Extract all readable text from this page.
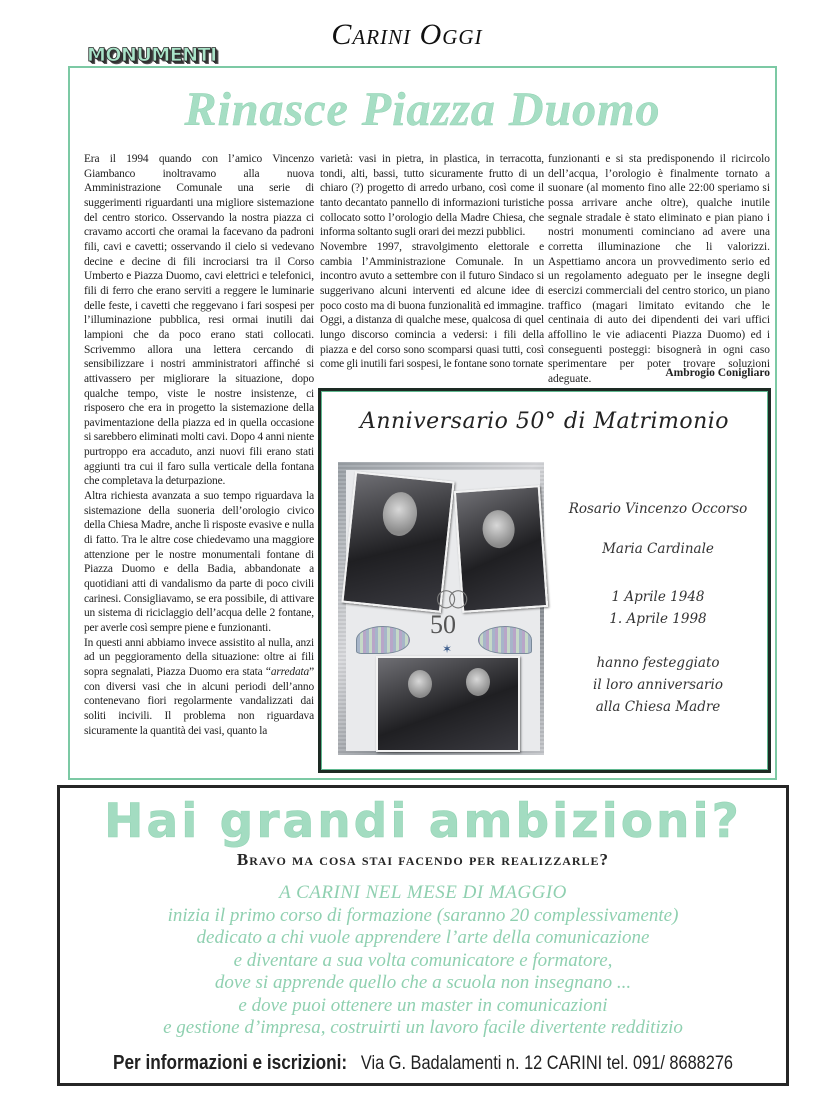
Carini Oggi
MONUMENTI
Rinasce Piazza Duomo

Era il 1994 quando con l’amico Vincenzo Giambanco inoltravamo alla nuova Amministrazione Comunale una serie di suggerimenti riguardanti una migliore sistemazione del centro storico. Osservando la nostra piazza ci cravamo accorti che oramai la facevano da padroni fili, cavi e cavetti; osservando il cielo si vedevano decine e decine di fili incrociarsi tra il Corso Umberto e Piazza Duomo, cavi elettrici e telefonici, fili di ferro che erano serviti a reggere le luminarie delle feste, i cavetti che reggevano i fari sospesi per l’illuminazione pubblica, resi ormai inutili dai lampioni che da poco erano stati collocati. Scrivemmo allora una lettera cercando di sensibilizzare i nostri amministratori affinché si attivassero per migliorare la situazione, dopo qualche tempo, viste le nostre insistenze, ci risposero che era in progetto la sistemazione della pavimentazione della piazza ed in quella occasione si sarebbero eliminati molti cavi. Dopo 4 anni niente purtroppo era accaduto, anzi nuovi fili erano stati aggiunti tra cui il faro sulla verticale della fontana che completava la deturpazione.

Altra richiesta avanzata a suo tempo riguardava la sistemazione della suoneria dell’orologio civico della Chiesa Madre, anche lì risposte evasive e nulla di fatto. Tra le altre cose chiedevamo una maggiore attenzione per le nostre monumentali fontane di Piazza Duomo e della Badia, abbandonate a quotidiani atti di vandalismo da parte di poco civili carinesi. Consigliavamo, se era possibile, di attivare un sistema di riciclaggio dell’acqua delle 2 fontane, per averle così sempre piene e funzionanti.

In questi anni abbiamo invece assistito al nulla, anzi ad un peggioramento della situazione: oltre ai fili sopra segnalati, Piazza Duomo era stata “arredata” con diversi vasi che in alcuni periodi dell’anno contenevano fiori regolarmente vandalizzati dai soliti incivili. Il problema non riguardava sicuramente la quantità dei vasi, quanto la

varietà: vasi in pietra, in plastica, in terracotta, tondi, alti, bassi, tutto sicuramente frutto di un chiaro (?) progetto di arredo urbano, così come il tanto decantato pannello di informazioni turistiche collocato sotto l’orologio della Madre Chiesa, che informa soltanto sugli orari dei mezzi pubblici.

Novembre 1997, stravolgimento elettorale e cambia l’Amministrazione Comunale. In un incontro avuto a settembre con il futuro Sindaco si suggerivano alcuni interventi ed alcune idee di poco costo ma di buona funzionalità ed immagine. Oggi, a distanza di qualche mese, qualcosa di quel lungo discorso comincia a vedersi: i fili della piazza e del corso sono scomparsi quasi tutti, così come gli inutili fari sospesi, le fontane sono tornate

funzionanti e si sta predisponendo il ricircolo dell’acqua, l’orologio è finalmente tornato a suonare (al momento fino alle 22:00 speriamo si possa arrivare anche oltre), qualche inutile segnale stradale è stato eliminato e pian piano i nostri monumenti cominciano ad avere una corretta illuminazione che li valorizzi. Aspettiamo ancora un provvedimento serio ed un regolamento adeguato per le insegne degli esercizi commerciali del centro storico, un piano traffico (magari limitato evitando che le centinaia di auto dei dipendenti dei vari uffici affollino le vie adiacenti Piazza Duomo) ed i conseguenti posteggi: bisognerà in ogni caso sperimentare per poter trovare soluzioni adeguate.	Ambrogio Conigliaro
Anniversario 50° di Matrimonio
◯◯
50
✶
Rosario Vincenzo Occorso
Maria Cardinale
1 Aprile 1948
1. Aprile 1998
hanno festeggiato
il loro anniversario
alla Chiesa Madre
Hai grandi ambizioni?
Bravo ma cosa stai facendo per realizzarle?
A CARINI NEL MESE DI MAGGIO
inizia il primo corso di formazione (saranno 20 complessivamente)
dedicato a chi vuole apprendere l’arte della comunicazione
e diventare a sua volta comunicatore e formatore,
dove si apprende quello che a scuola non insegnano ...
e dove puoi ottenere un master in comunicazioni
e gestione d’impresa, costruirti un lavoro facile divertente redditizio
Per informazioni e iscrizioni: Via G. Badalamenti n. 12 CARINI tel. 091/ 8688276
